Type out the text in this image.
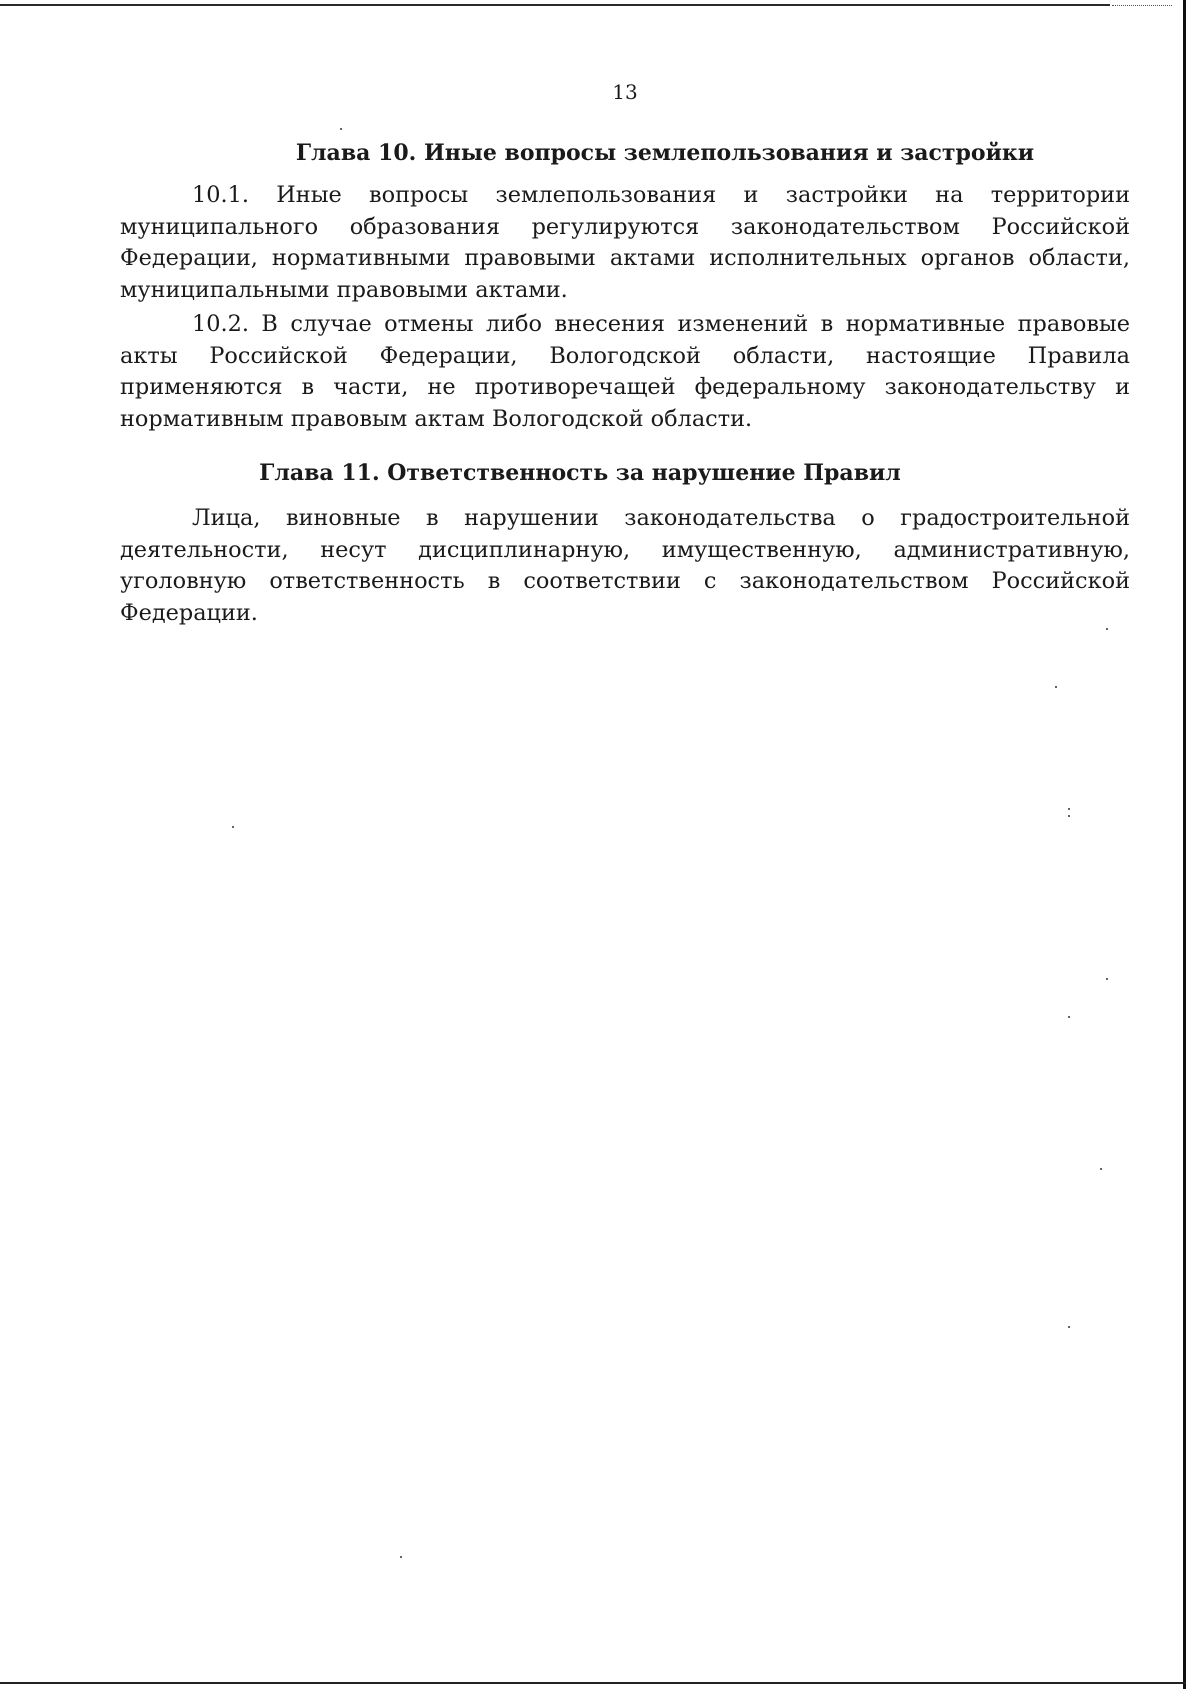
13
Глава 10. Иные вопросы землепользования и застройки

10.1. Иные вопросы землепользования и застройки на территории муниципального образования регулируются законодательством Российской Федерации, нормативными правовыми актами исполнительных органов области, муниципальными правовыми актами.

10.2. В случае отмены либо внесения изменений в нормативные правовые акты Российской Федерации, Вологодской области, настоящие Правила применяются в части, не противоречащей федеральному законодательству и нормативным правовым актам Вологодской области.

Глава 11. Ответственность за нарушение Правил

Лица, виновные в нарушении законодательства о градостроительной деятельности, несут дисциплинарную, имущественную, административную, уголовную ответственность в соответствии с законодательством Российской Федерации.
